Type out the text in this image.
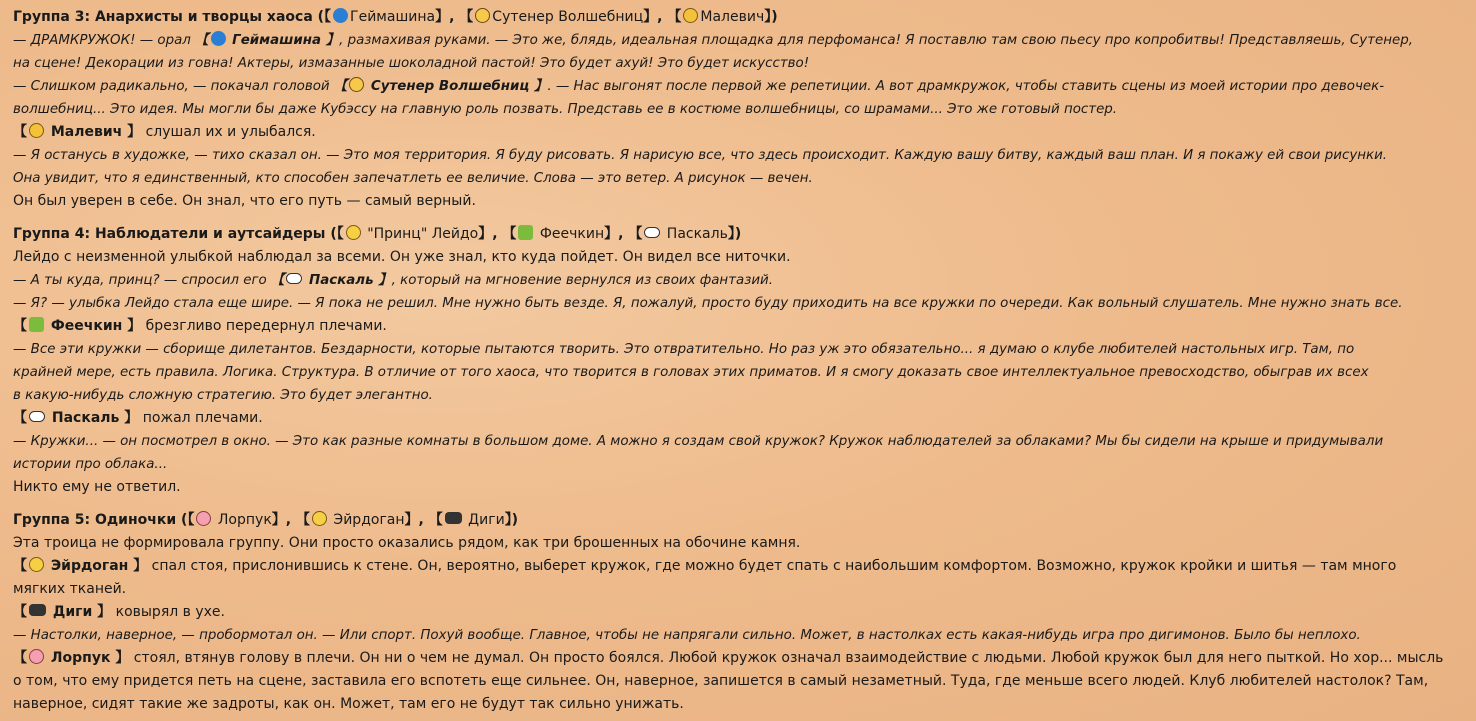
Группа 3: Анархисты и творцы хаоса (【 Геймашина】, 【 Сутенер Волшебниц】, 【 Малевич】)

— ДРАМКРУЖОК! — орал 【 Геймашина 】, размахивая руками. — Это же, блядь, идеальная площадка для перфоманса! Я поставлю там свою пьесу про копробитвы! Представляешь, Сутенер,

на сцене! Декорации из говна! Актеры, измазанные шоколадной пастой! Это будет ахуй! Это будет искусство!

— Слишком радикально, — покачал головой 【 Сутенер Волшебниц 】. — Нас выгонят после первой же репетиции. А вот драмкружок, чтобы ставить сцены из моей истории про девочек-

волшебниц... Это идея. Мы могли бы даже Кубэссу на главную роль позвать. Представь ее в костюме волшебницы, со шрамами... Это же готовый постер.

【 Малевич 】 слушал их и улыбался.

— Я останусь в художке, — тихо сказал он. — Это моя территория. Я буду рисовать. Я нарисую все, что здесь происходит. Каждую вашу битву, каждый ваш план. И я покажу ей свои рисунки.

Она увидит, что я единственный, кто способен запечатлеть ее величие. Слова — это ветер. А рисунок — вечен.

Он был уверен в себе. Он знал, что его путь — самый верный.

Группа 4: Наблюдатели и аутсайдеры (【 "Принц" Лейдо】, 【 Феечкин】, 【 Паскаль】)

Лейдо с неизменной улыбкой наблюдал за всеми. Он уже знал, кто куда пойдет. Он видел все ниточки.

— А ты куда, принц? — спросил его 【 Паскаль 】, который на мгновение вернулся из своих фантазий.

— Я? — улыбка Лейдо стала еще шире. — Я пока не решил. Мне нужно быть везде. Я, пожалуй, просто буду приходить на все кружки по очереди. Как вольный слушатель. Мне нужно знать все.

【 Феечкин 】 брезгливо передернул плечами.

— Все эти кружки — сборище дилетантов. Бездарности, которые пытаются творить. Это отвратительно. Но раз уж это обязательно... я думаю о клубе любителей настольных игр. Там, по

крайней мере, есть правила. Логика. Структура. В отличие от того хаоса, что творится в головах этих приматов. И я смогу доказать свое интеллектуальное превосходство, обыграв их всех

в какую-нибудь сложную стратегию. Это будет элегантно.

【 Паскаль 】 пожал плечами.

— Кружки... — он посмотрел в окно. — Это как разные комнаты в большом доме. А можно я создам свой кружок? Кружок наблюдателей за облаками? Мы бы сидели на крыше и придумывали

истории про облака...

Никто ему не ответил.

Группа 5: Одиночки (【 Лорпук】, 【 Эйрдоган】, 【 Диги】)

Эта троица не формировала группу. Они просто оказались рядом, как три брошенных на обочине камня.

【 Эйрдоган 】 спал стоя, прислонившись к стене. Он, вероятно, выберет кружок, где можно будет спать с наибольшим комфортом. Возможно, кружок кройки и шитья — там много

мягких тканей.

【 Диги 】 ковырял в ухе.

— Настолки, наверное, — пробормотал он. — Или спорт. Похуй вообще. Главное, чтобы не напрягали сильно. Может, в настолках есть какая-нибудь игра про дигимонов. Было бы неплохо.

【 Лорпук 】 стоял, втянув голову в плечи. Он ни о чем не думал. Он просто боялся. Любой кружок означал взаимодействие с людьми. Любой кружок был для него пыткой. Но хор... мысль

о том, что ему придется петь на сцене, заставила его вспотеть еще сильнее. Он, наверное, запишется в самый незаметный. Туда, где меньше всего людей. Клуб любителей настолок? Там,

наверное, сидят такие же задроты, как он. Может, там его не будут так сильно унижать.
